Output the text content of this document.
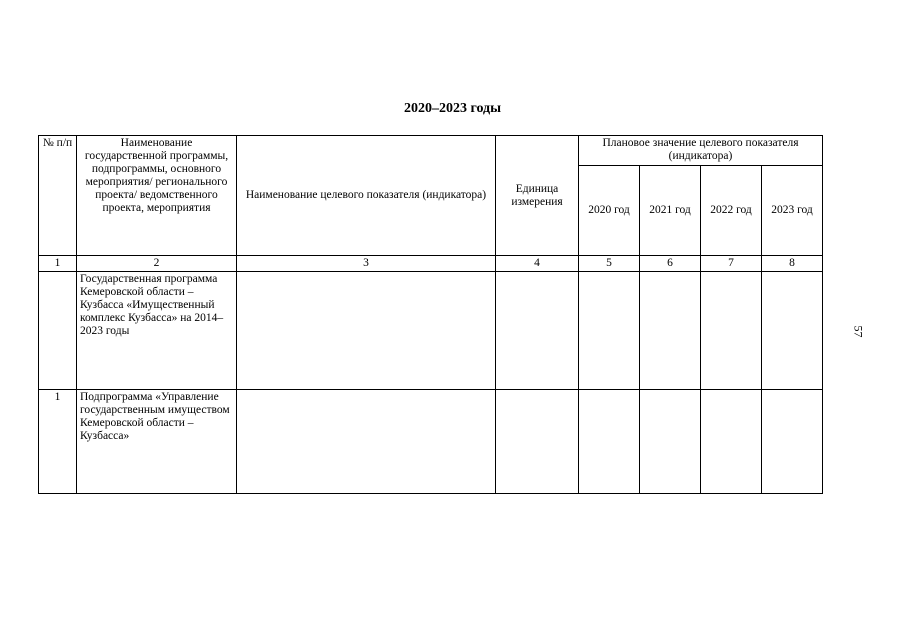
2020–2023 годы
№ п/п	Наименование государственной программы, подпрограммы, основного мероприятия/ регионального проекта/ ведомственного проекта, мероприятия	Наименование целевого показателя (индикатора)	Единица измерения	Плановое значение целевого показателя (индикатора)			
				2020 год	2021 год	2022 год	2023 год
1	2	3	4	5	6	7	8
	Государственная программа Кемеровской области – Кузбасса «Имущественный комплекс Кузбасса» на 2014–2023 годы						
1	Подпрограмма «Управление государственным имуществом Кемеровской области – Кузбасса»						
57
